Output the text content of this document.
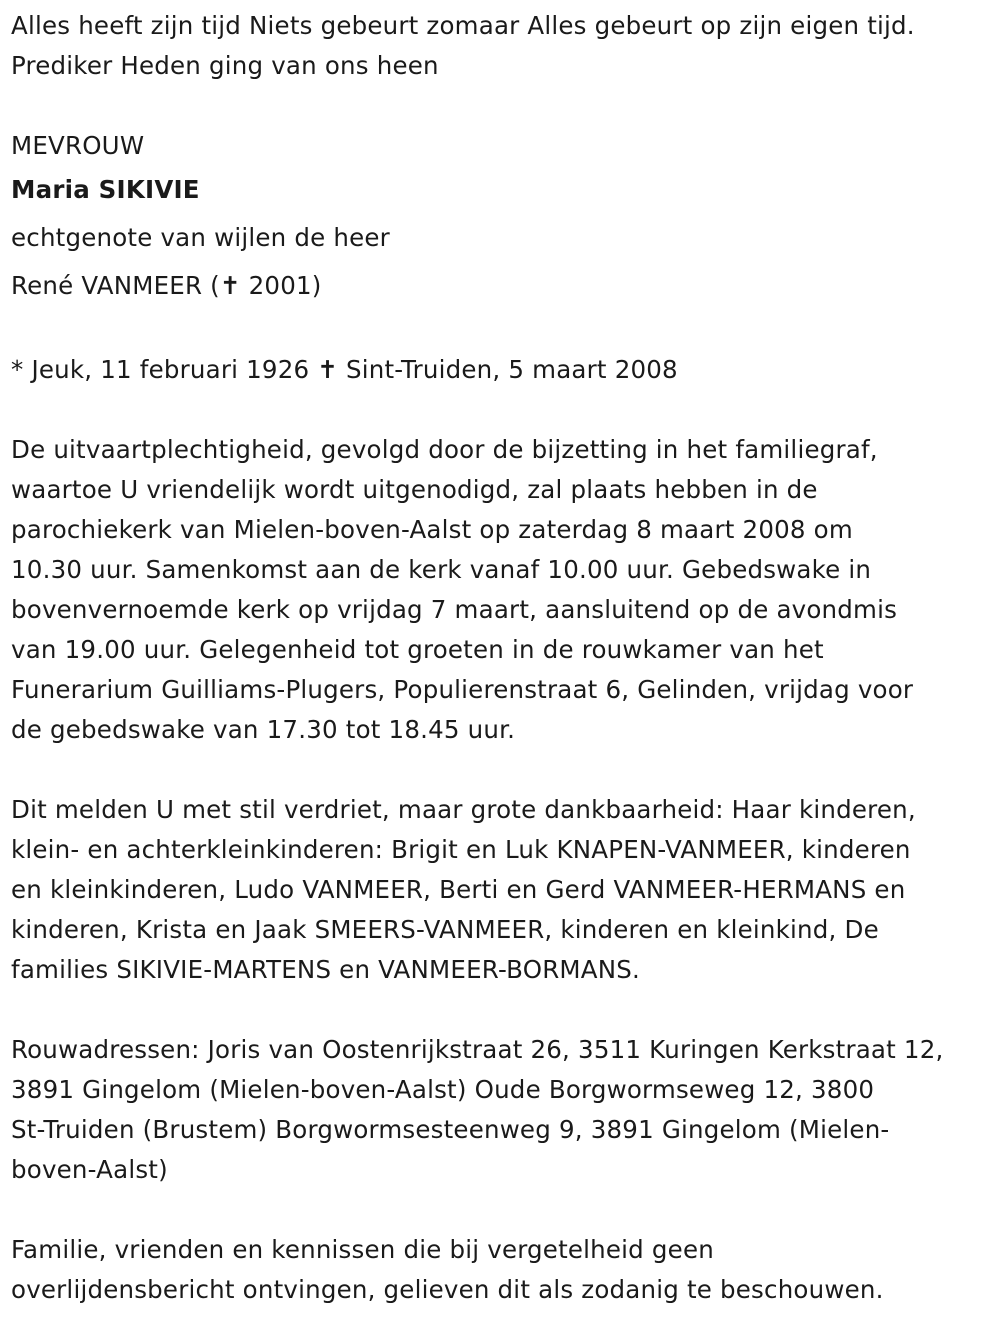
Alles heeft zijn tijd Niets gebeurt zomaar Alles gebeurt op zijn eigen tijd.
Prediker Heden ging van ons heen
MEVROUW
Maria SIKIVIE
echtgenote van wijlen de heer
René VANMEER (✝ 2001)
* Jeuk, 11 februari 1926 ✝ Sint-Truiden, 5 maart 2008
De uitvaartplechtigheid, gevolgd door de bijzetting in het familiegraf,
waartoe U vriendelijk wordt uitgenodigd, zal plaats hebben in de
parochiekerk van Mielen-boven-Aalst op zaterdag 8 maart 2008 om
10.30 uur. Samenkomst aan de kerk vanaf 10.00 uur. Gebedswake in
bovenvernoemde kerk op vrijdag 7 maart, aansluitend op de avondmis
van 19.00 uur. Gelegenheid tot groeten in de rouwkamer van het
Funerarium Guilliams-Plugers, Populierenstraat 6, Gelinden, vrijdag voor
de gebedswake van 17.30 tot 18.45 uur.
Dit melden U met stil verdriet, maar grote dankbaarheid: Haar kinderen,
klein- en achterkleinkinderen: Brigit en Luk KNAPEN-VANMEER, kinderen
en kleinkinderen, Ludo VANMEER, Berti en Gerd VANMEER-HERMANS en
kinderen, Krista en Jaak SMEERS-VANMEER, kinderen en kleinkind, De
families SIKIVIE-MARTENS en VANMEER-BORMANS.
Rouwadressen: Joris van Oostenrijkstraat 26, 3511 Kuringen Kerkstraat 12,
3891 Gingelom (Mielen-boven-Aalst) Oude Borgwormseweg 12, 3800
St-Truiden (Brustem) Borgwormsesteenweg 9, 3891 Gingelom (Mielen-
boven-Aalst)
Familie, vrienden en kennissen die bij vergetelheid geen
overlijdensbericht ontvingen, gelieven dit als zodanig te beschouwen.
